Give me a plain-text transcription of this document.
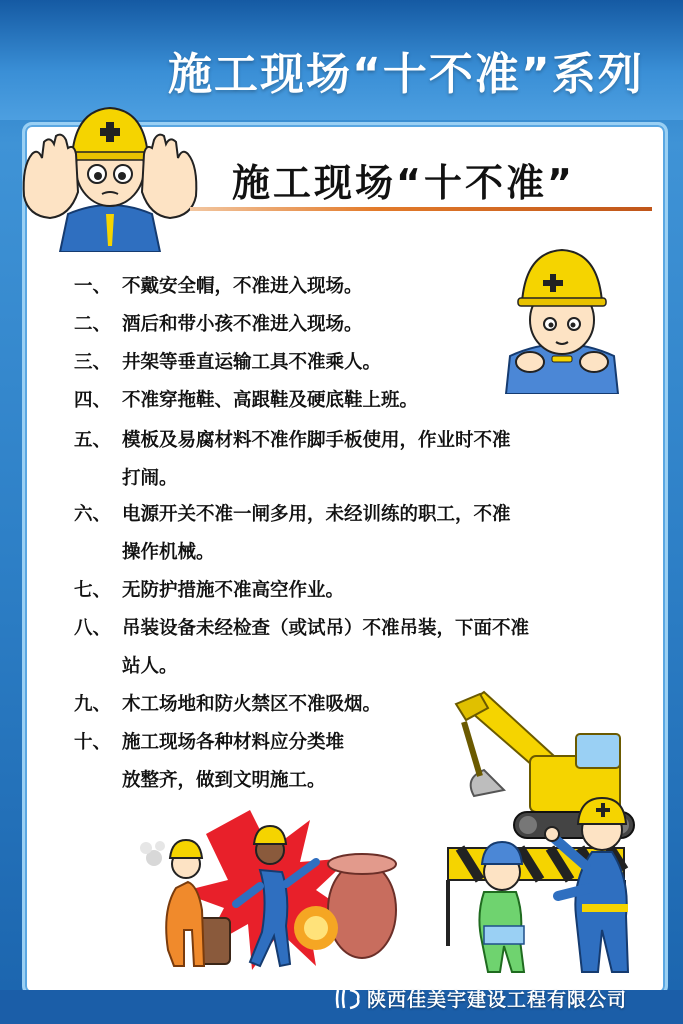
施工现场“十不准”系列
施工现场“十不准”
一、 不戴安全帽，不准进入现场。
二、 酒后和带小孩不准进入现场。
三、 井架等垂直运输工具不准乘人。
四、 不准穿拖鞋、高跟鞋及硬底鞋上班。
五、 模板及易腐材料不准作脚手板使用，作业时不准
打闹。
六、 电源开关不准一闸多用，未经训练的职工，不准
操作机械。
七、 无防护措施不准高空作业。
八、 吊装设备未经检查（或试吊）不准吊装，下面不准
站人。
九、 木工场地和防火禁区不准吸烟。
十、 施工现场各种材料应分类堆
放整齐，做到文明施工。
陕西佳美宇建设工程有限公司
